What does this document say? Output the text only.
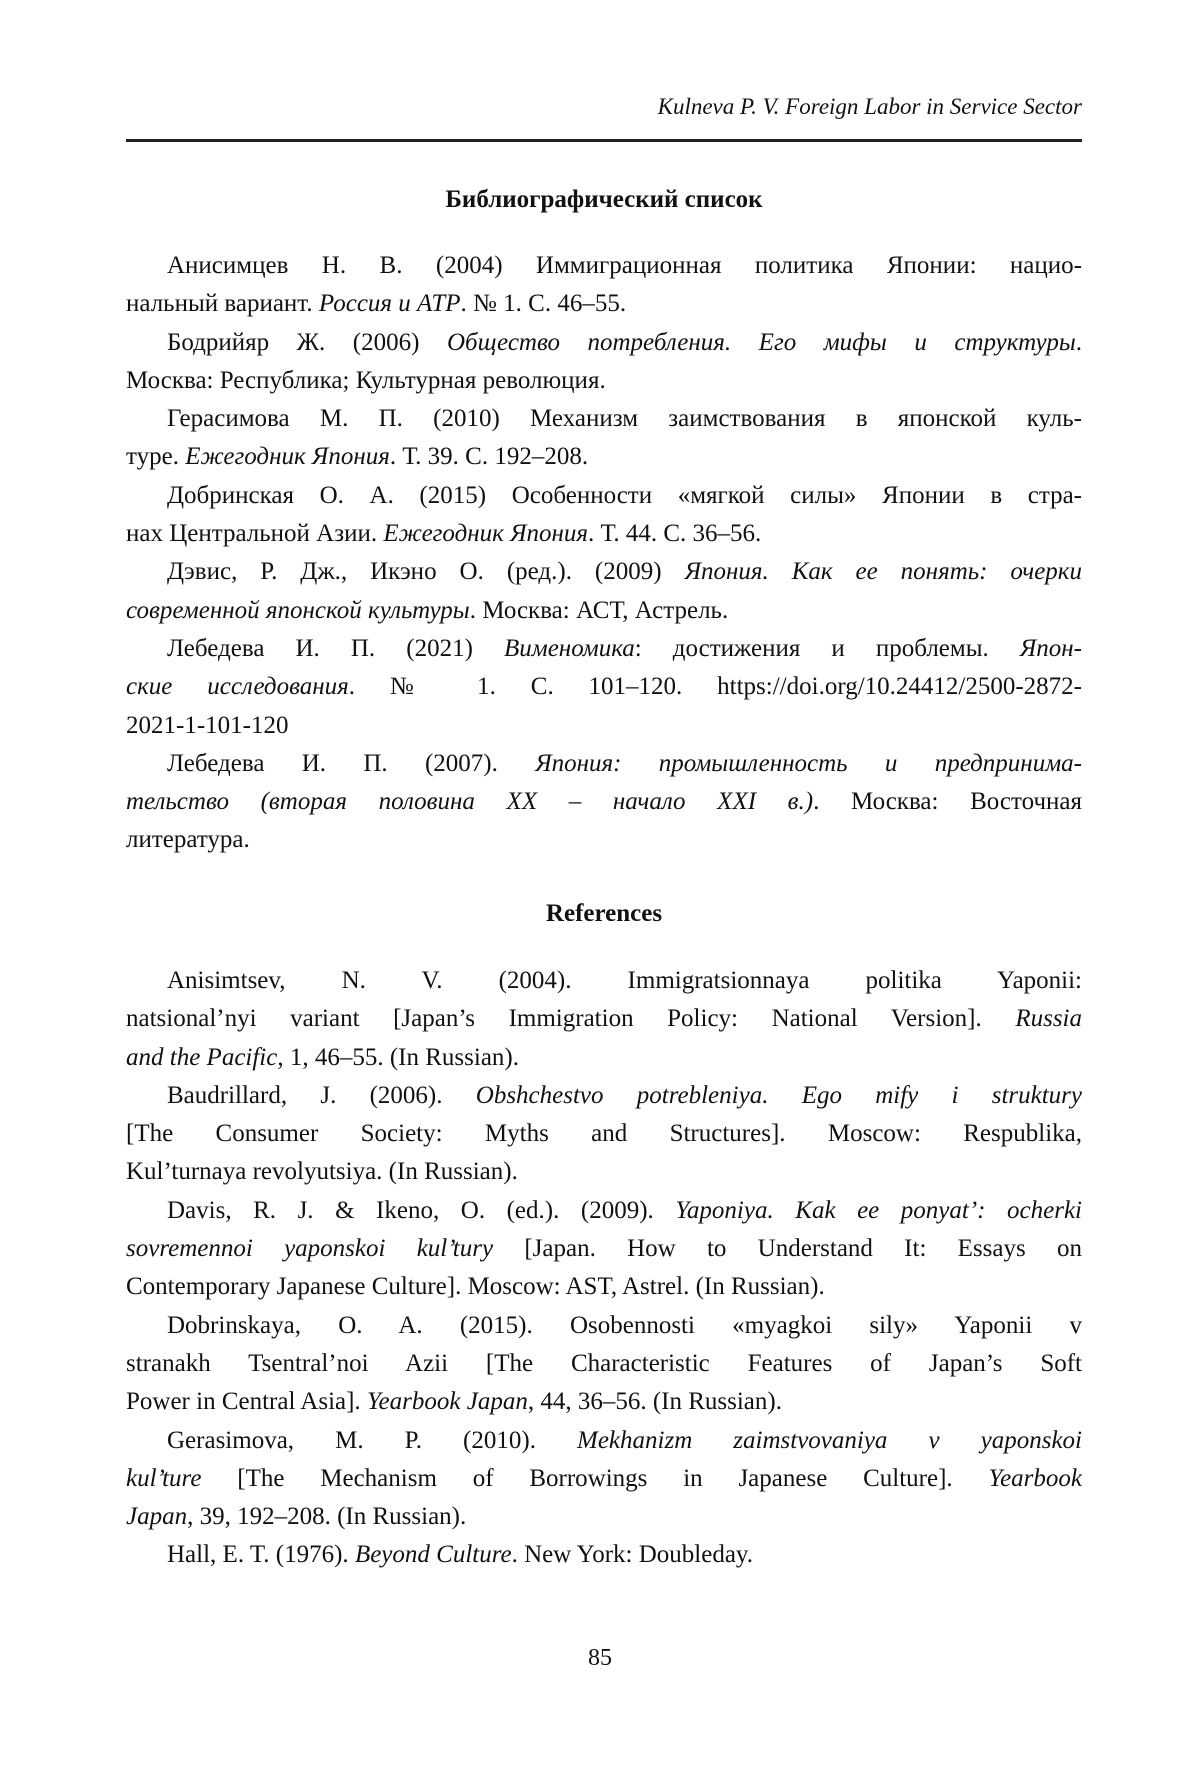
Kulneva P. V. Foreign Labor in Service Sector
Библиографический список
Анисимцев Н. В. (2004) Иммиграционная политика Японии: нацио-
нальный вариант. Россия и АТР. № 1. С. 46–55.
Бодрийяр Ж. (2006) Общество потребления. Его мифы и структуры.
Москва: Республика; Культурная революция.
Герасимова М. П. (2010) Механизм заимствования в японской куль-
туре. Ежегодник Япония. Т. 39. С. 192–208.
Добринская О. А. (2015) Особенности «мягкой силы» Японии в стра-
нах Центральной Азии. Ежегодник Япония. Т. 44. С. 36–56.
Дэвис, Р. Дж., Икэно О. (ред.). (2009) Япония. Как ее понять: очерки
современной японской культуры. Москва: АСТ, Астрель.
Лебедева И. П. (2021) Вименомика: достижения и проблемы. Япон-
ские исследования. № 1. С. 101–120. https://doi.org/10.24412/2500-2872-
2021-1-101-120
Лебедева И. П. (2007). Япония: промышленность и предпринима-
тельство (вторая половина XX – начало XXI в.). Москва: Восточная
литература.
References
Anisimtsev, N. V. (2004). Immigratsionnaya politika Yaponii:
natsional’nyi variant [Japan’s Immigration Policy: National Version]. Russia
and the Pacific, 1, 46–55. (In Russian).
Baudrillard, J. (2006). Obshchestvo potrebleniya. Ego mify i struktury
[The Consumer Society: Myths and Structures]. Moscow: Respublika,
Kul’turnaya revolyutsiya. (In Russian).
Davis, R. J. & Ikeno, O. (ed.). (2009). Yaponiya. Kak ee ponyat’: ocherki
sovremennoi yaponskoi kul’tury [Japan. How to Understand It: Essays on
Contemporary Japanese Culture]. Moscow: AST, Astrel. (In Russian).
Dobrinskaya, O. A. (2015). Osobennosti «myagkoi sily» Yaponii v
stranakh Tsentral’noi Azii [The Characteristic Features of Japan’s Soft
Power in Central Asia]. Yearbook Japan, 44, 36–56. (In Russian).
Gerasimova, M. P. (2010). Mekhanizm zaimstvovaniya v yaponskoi
kul’ture [The Mechanism of Borrowings in Japanese Culture]. Yearbook
Japan, 39, 192–208. (In Russian).
Hall, E. T. (1976). Beyond Culture. New York: Doubleday.
85
